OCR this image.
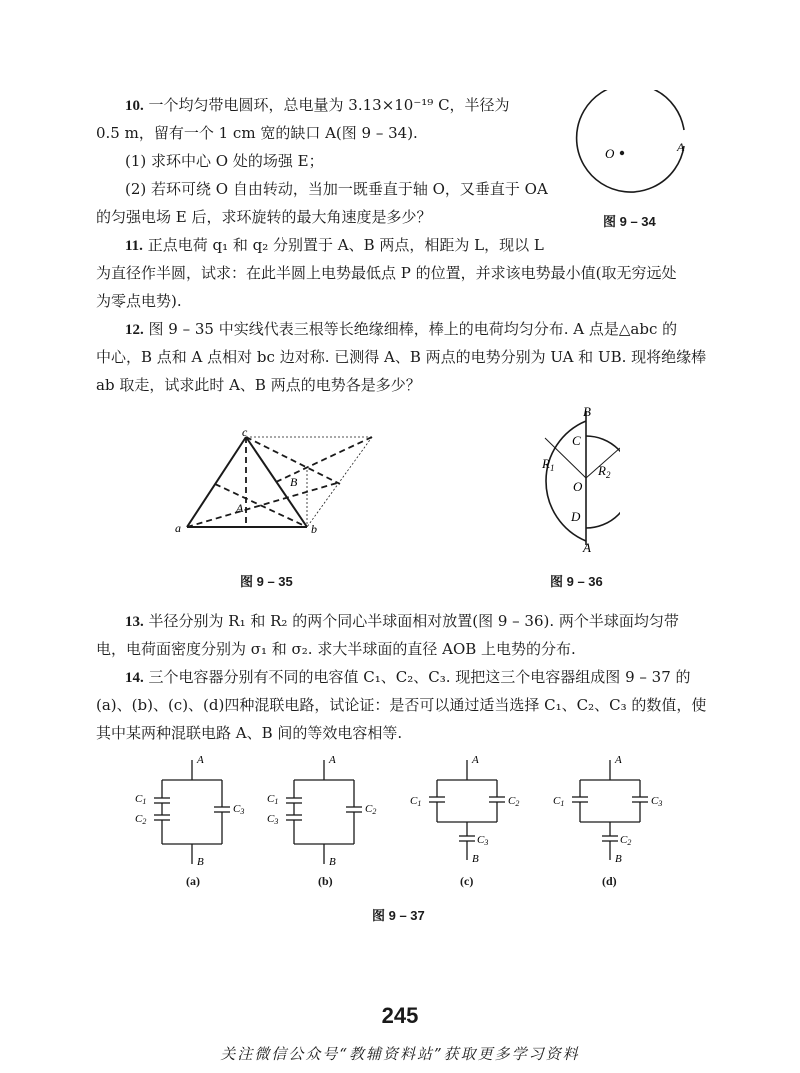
10. 一个均匀带电圆环，总电量为 3.13×10⁻¹⁹ C，半径为
0.5 m，留有一个 1 cm 宽的缺口 A(图 9 – 34).
(1) 求环中心 O 处的场强 E；
(2) 若环可绕 O 自由转动，当加一既垂直于轴 O，又垂直于 OA
的匀强电场 E 后，求环旋转的最大角速度是多少？
O	A
图 9 – 34
11. 正点电荷 q₁ 和 q₂ 分别置于 A、B 两点，相距为 L，现以 L
为直径作半圆，试求：在此半圆上电势最低点 P 的位置，并求该电势最小值(取无穷远处
为零点电势).
12. 图 9 – 35 中实线代表三根等长绝缘细棒，棒上的电荷均匀分布. A 点是△abc 的
中心，B 点和 A 点相对 bc 边对称. 已测得 A、B 两点的电势分别为 UA 和 UB. 现将绝缘棒
ab 取走，试求此时 A、B 两点的电势各是多少？
c
a	b
A
B
图 9 – 35
B
A
C
D
O
$R_1$	$R_2$
图 9 – 36
13. 半径分别为 R₁ 和 R₂ 的两个同心半球面相对放置(图 9 – 36). 两个半球面均匀带
电，电荷面密度分别为 σ₁ 和 σ₂. 求大半球面的直径 AOB 上电势的分布.
14. 三个电容器分别有不同的电容值 C₁、C₂、C₃. 现把这三个电容器组成图 9 – 37 的
(a)、(b)、(c)、(d)四种混联电路，试论证：是否可以通过适当选择 C₁、C₂、C₃ 的数值，使
其中某两种混联电路 A、B 间的等效电容相等.
A
B
C1
C2
C3
(a)
A
B
C1
C3
C2
(b)
A
B
C1	C2
C3
(c)
A
B
C1	C3
C2
(d)
图 9 – 37
245
关注微信公众号“教辅资料站”获取更多学习资料
